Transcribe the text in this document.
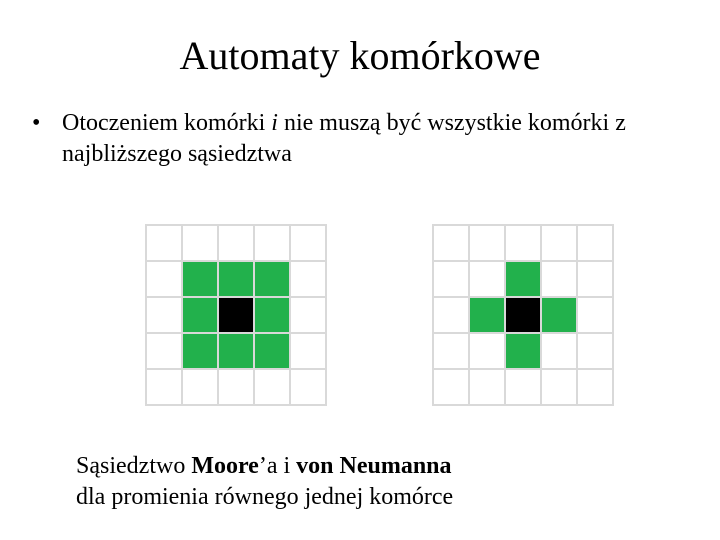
Automaty komórkowe
• Otoczeniem komórki i nie muszą być wszystkie komórki z najbliższego sąsiedztwa
Sąsiedztwo Moore’a i von Neumanna
dla promienia równego jednej komórce
